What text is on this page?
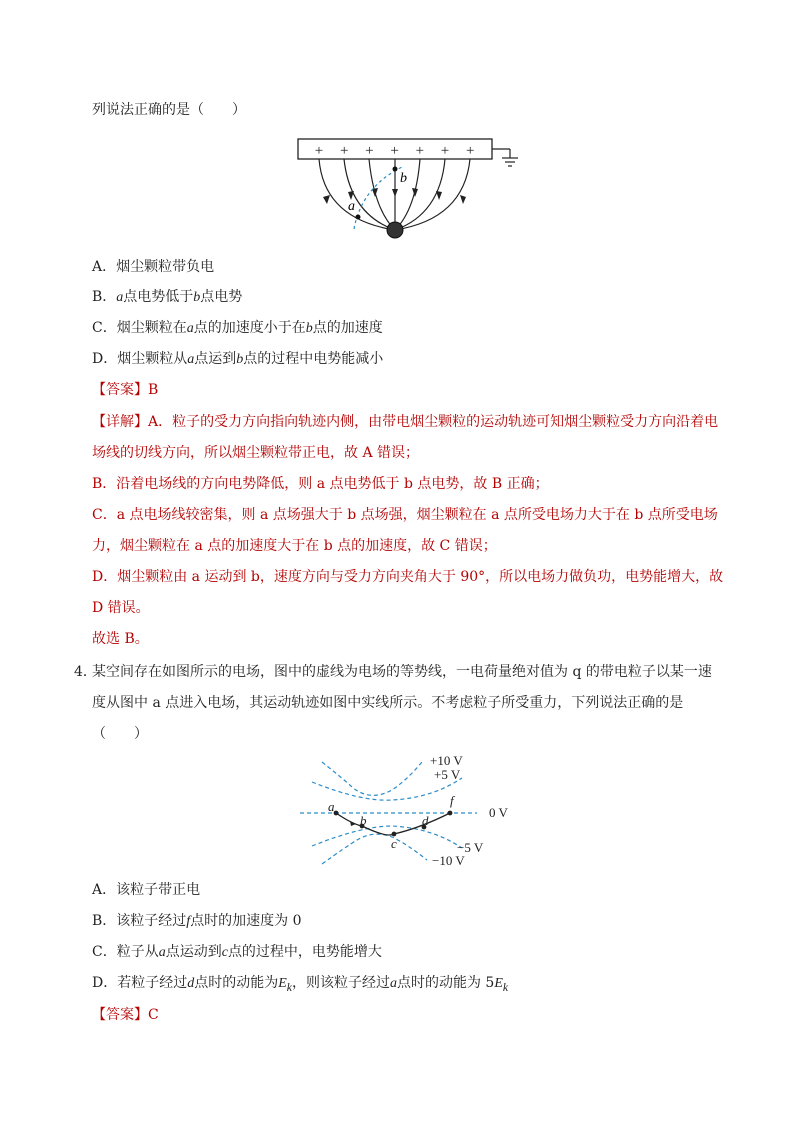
列说法正确的是（　　）
+ + + + + + +
a
b
A．烟尘颗粒带负电
B．a点电势低于b点电势
C．烟尘颗粒在a点的加速度小于在b点的加速度
D．烟尘颗粒从a点运到b点的过程中电势能减小
【答案】B
【详解】A．粒子的受力方向指向轨迹内侧，由带电烟尘颗粒的运动轨迹可知烟尘颗粒受力方向沿着电
场线的切线方向，所以烟尘颗粒带正电，故 A 错误；
B．沿着电场线的方向电势降低，则 a 点电势低于 b 点电势，故 B 正确；
C．a 点电场线较密集，则 a 点场强大于 b 点场强，烟尘颗粒在 a 点所受电场力大于在 b 点所受电场
力，烟尘颗粒在 a 点的加速度大于在 b 点的加速度，故 C 错误；
D．烟尘颗粒由 a 运动到 b，速度方向与受力方向夹角大于 90°，所以电场力做负功，电势能增大，故
D 错误。
故选 B。
4．
某空间存在如图所示的电场，图中的虚线为电场的等势线，一电荷量绝对值为 q 的带电粒子以某一速
度从图中 a 点进入电场，其运动轨迹如图中实线所示。不考虑粒子所受重力，下列说法正确的是
（　　）
+10 V
+5 V
0 V
−5 V
−10 V
a
b
c
d
f
A．该粒子带正电
B．该粒子经过f点时的加速度为 0
C．粒子从a点运动到c点的过程中，电势能增大
D．若粒子经过d点时的动能为$E_k$，则该粒子经过a点时的动能为 $5E_k$
【答案】C
